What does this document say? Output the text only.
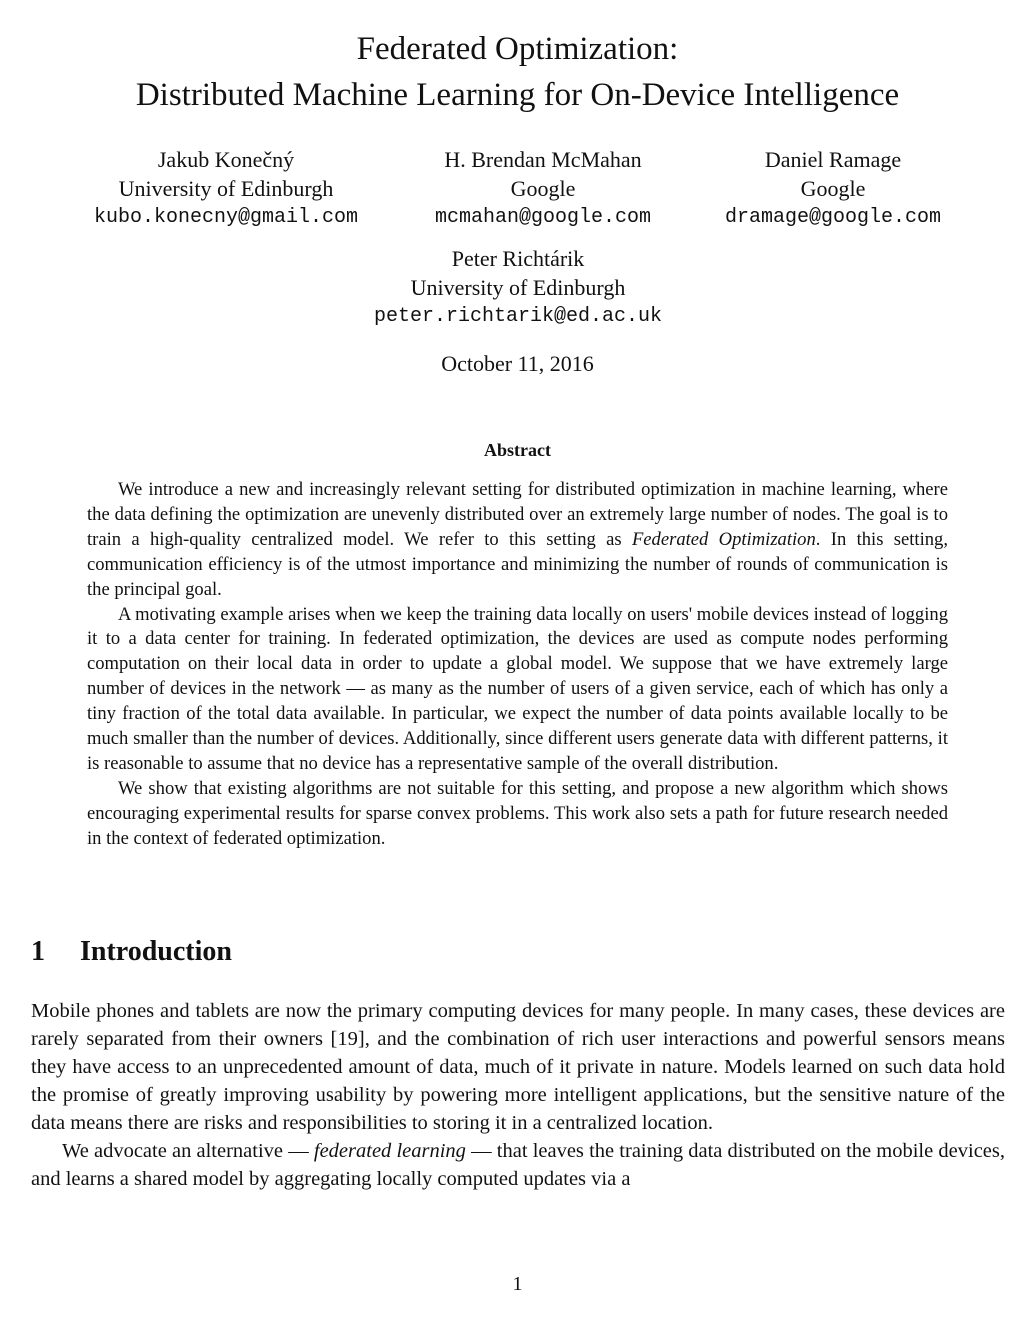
Federated Optimization:
Distributed Machine Learning for On-Device Intelligence
Jakub Konečný
University of Edinburgh
kubo.konecny@gmail.com
H. Brendan McMahan
Google
mcmahan@google.com
Daniel Ramage
Google
dramage@google.com
Peter Richtárik
University of Edinburgh
peter.richtarik@ed.ac.uk
October 11, 2016
Abstract

We introduce a new and increasingly relevant setting for distributed optimization in machine learning, where the data defining the optimization are unevenly distributed over an extremely large number of nodes. The goal is to train a high-quality centralized model. We refer to this setting as Federated Optimization. In this setting, communication efficiency is of the utmost importance and minimizing the number of rounds of communication is the principal goal.

A motivating example arises when we keep the training data locally on users' mobile devices instead of logging it to a data center for training. In federated optimization, the devices are used as compute nodes performing computation on their local data in order to update a global model. We suppose that we have extremely large number of devices in the network — as many as the number of users of a given service, each of which has only a tiny fraction of the total data available. In particular, we expect the number of data points available locally to be much smaller than the number of devices. Additionally, since different users generate data with different patterns, it is reasonable to assume that no device has a representative sample of the overall distribution.

We show that existing algorithms are not suitable for this setting, and propose a new algorithm which shows encouraging experimental results for sparse convex problems. This work also sets a path for future research needed in the context of federated optimization.

1 Introduction

Mobile phones and tablets are now the primary computing devices for many people. In many cases, these devices are rarely separated from their owners [19], and the combination of rich user interactions and powerful sensors means they have access to an unprecedented amount of data, much of it private in nature. Models learned on such data hold the promise of greatly improving usability by powering more intelligent applications, but the sensitive nature of the data means there are risks and responsibilities to storing it in a centralized location.

We advocate an alternative — federated learning — that leaves the training data distributed on the mobile devices, and learns a shared model by aggregating locally computed updates via a

1
